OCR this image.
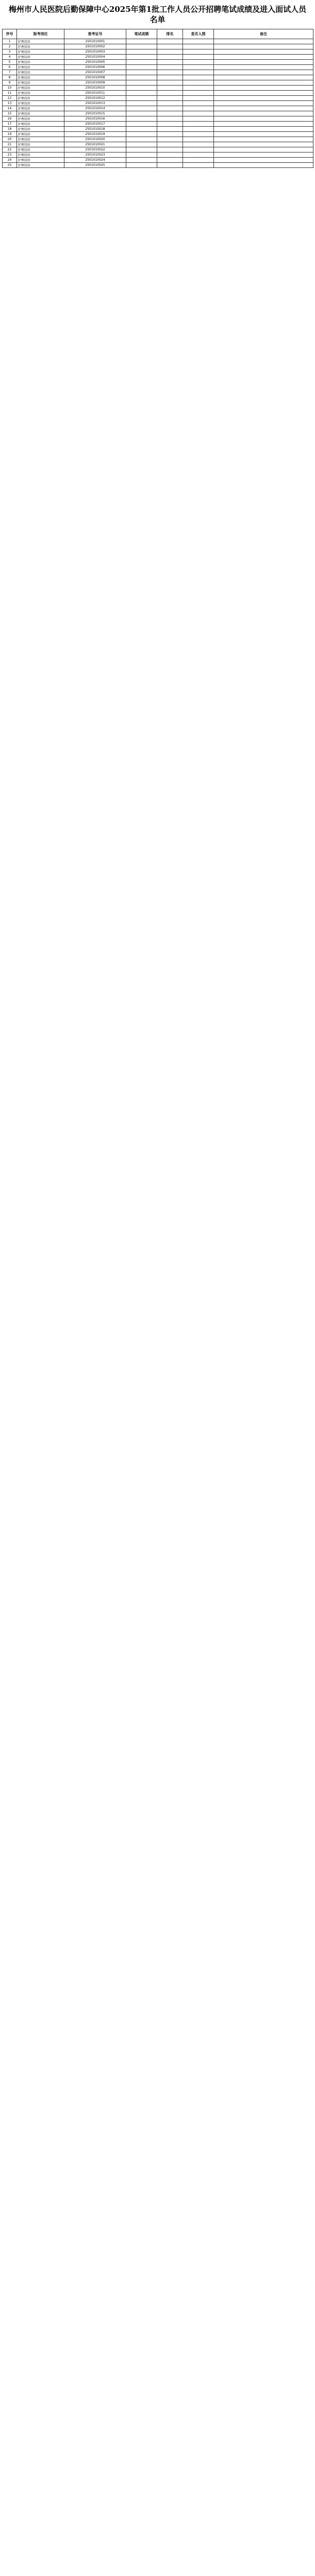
梅州市人民医院后勤保障中心2025年第1批工作人员公开招聘笔试成绩及进入面试人员名单
序号	报考岗位	准考证号	笔试成绩	排名	是否入围	备注
1	护理岗位	2501010001				
2	护理岗位	2501010002				
3	护理岗位	2501010003				
4	护理岗位	2501010004				
5	护理岗位	2501010005				
6	护理岗位	2501010006				
7	护理岗位	2501010007				
8	护理岗位	2501010008				
9	护理岗位	2501010009				
10	护理岗位	2501010010				
11	护理岗位	2501010011				
12	护理岗位	2501010012				
13	护理岗位	2501010013				
14	护理岗位	2501010014				
15	护理岗位	2501010015				
16	护理岗位	2501010016				
17	护理岗位	2501010017				
18	护理岗位	2501010018				
19	护理岗位	2501010019				
20	护理岗位	2501010020				
21	护理岗位	2501010021				
22	护理岗位	2501010022				
23	护理岗位	2501010023				
24	护理岗位	2501010024				
25	护理岗位	2501010025				
